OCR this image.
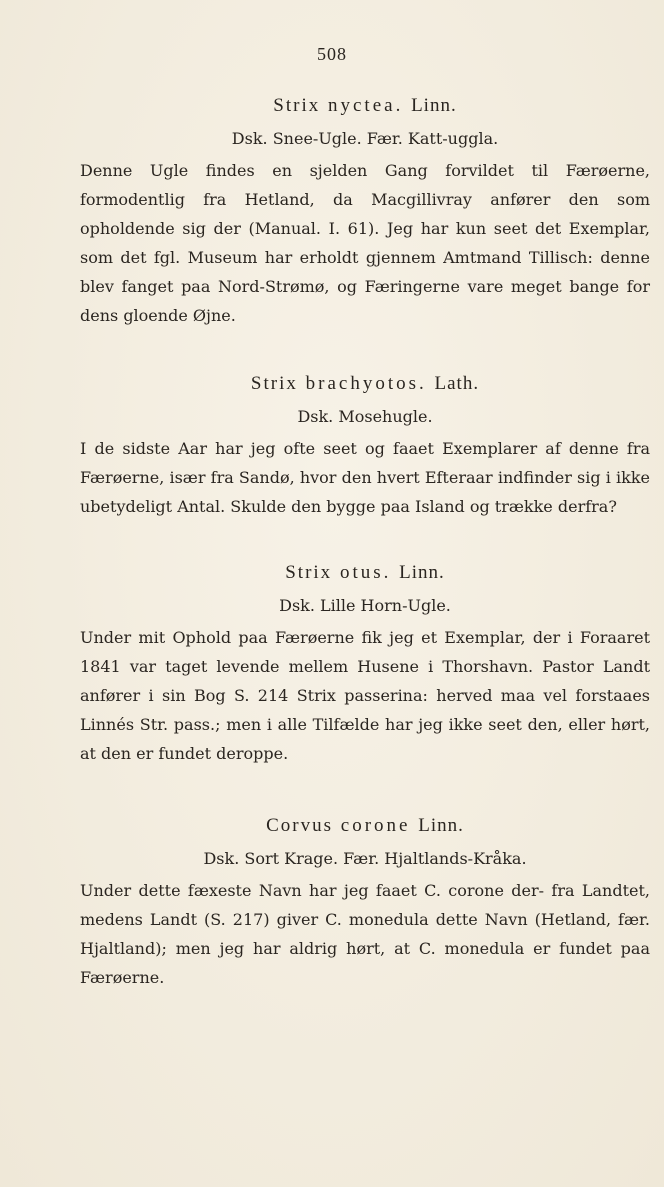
508
Strix nyctea. Linn.
Dsk. Snee-Ugle. Fær. Katt-uggla.

Denne Ugle findes en sjelden Gang forvildet til Færøerne, formodentlig fra Hetland, da Macgillivray anfører den som opholdende sig der (Manual. I. 61). Jeg har kun seet det Exemplar, som det fgl. Museum har erholdt gjennem Amtmand Tillisch: denne blev fanget paa Nord-Strømø, og Færingerne vare meget bange for dens gloende Øjne.

Strix brachyotos. Lath.
Dsk. Mosehugle.

I de sidste Aar har jeg ofte seet og faaet Exemplarer af denne fra Færøerne, især fra Sandø, hvor den hvert Efteraar indfinder sig i ikke ubetydeligt Antal. Skulde den bygge paa Island og trække derfra?

Strix otus. Linn.
Dsk. Lille Horn-Ugle.

Under mit Ophold paa Færøerne fik jeg et Exemplar, der i Foraaret 1841 var taget levende mellem Husene i Thorshavn. Pastor Landt anfører i sin Bog S. 214 Strix passerina: herved maa vel forstaaes Linnés Str. pass.; men i alle Tilfælde har jeg ikke seet den, eller hørt, at den er fundet deroppe.

Corvus corone Linn.
Dsk. Sort Krage. Fær. Hjaltlands-Kråka.

Under dette fæxeste Navn har jeg faaet C. corone der- fra Landtet, medens Landt (S. 217) giver C. monedula dette Navn (Hetland, fær. Hjaltland); men jeg har aldrig hørt, at C. monedula er fundet paa Færøerne.
